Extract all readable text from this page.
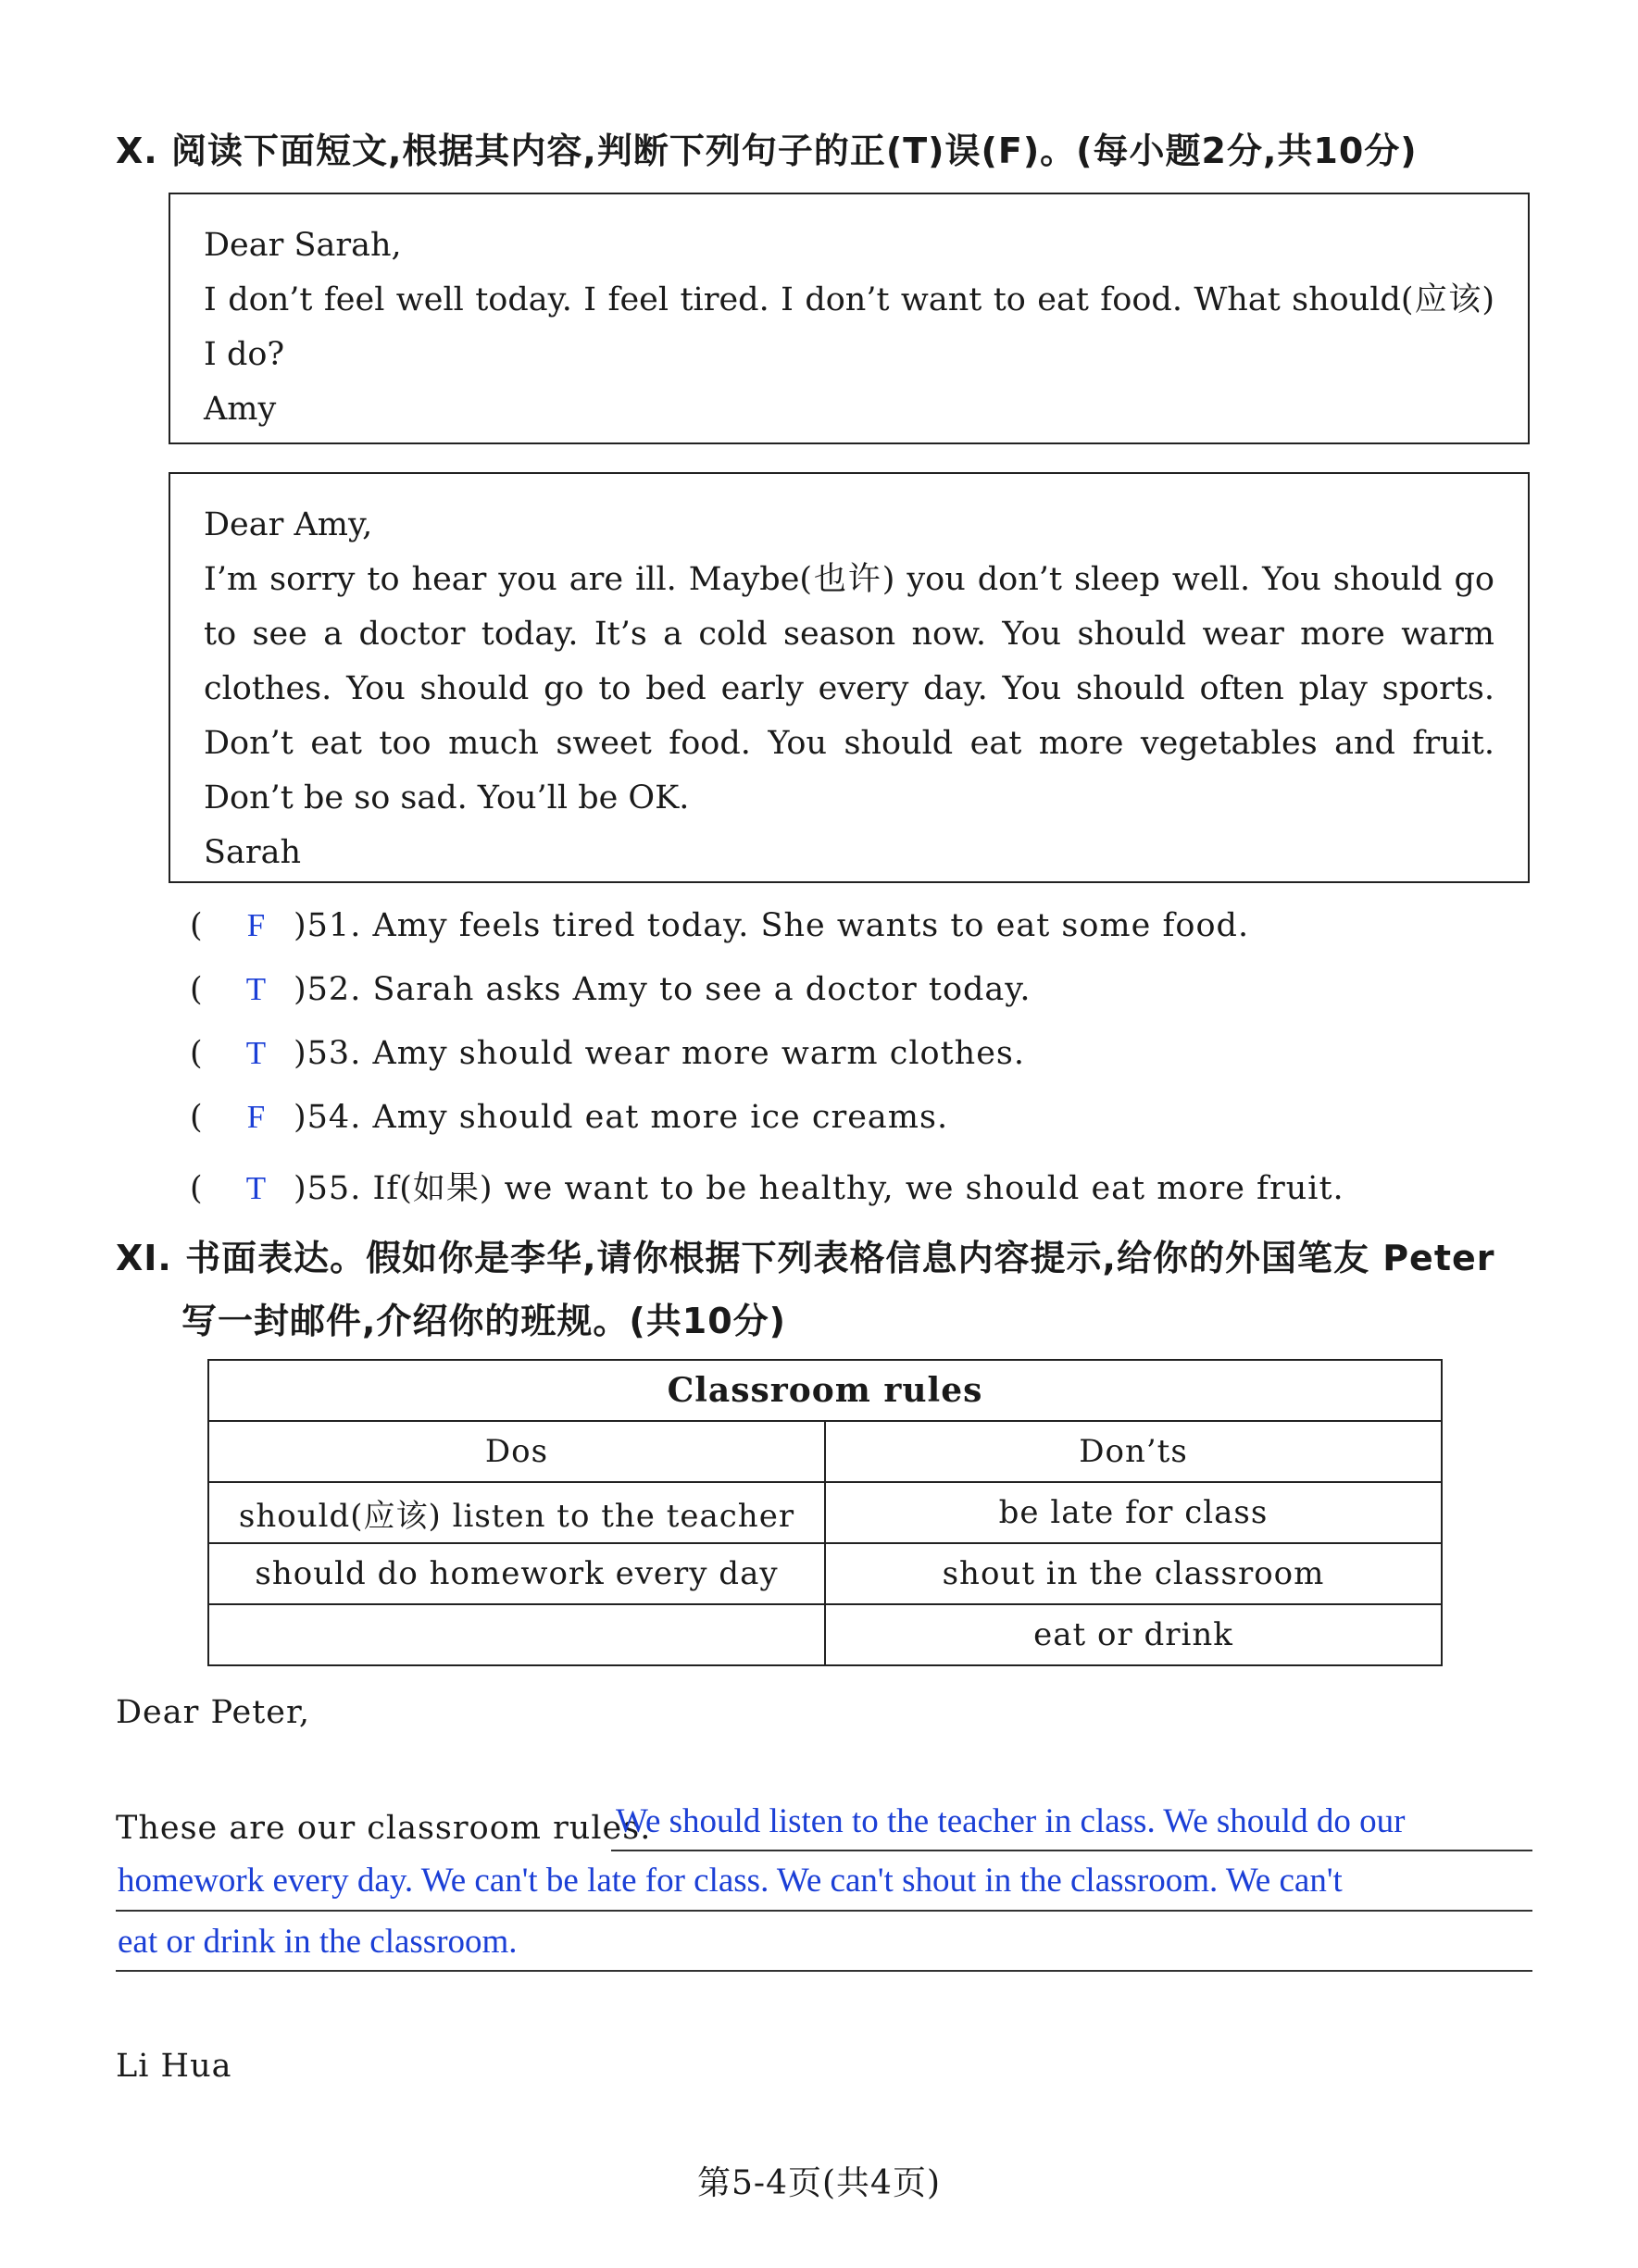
X. 阅读下面短文,根据其内容,判断下列句子的正(T)误(F)。(每小题2分,共10分)

Dear Sarah,

I don’t feel well today. I feel tired. I don’t want to eat food. What should(应该) I do?

Amy

Dear Amy,

I’m sorry to hear you are ill. Maybe(也许) you don’t sleep well. You should go to see a doctor today. It’s a cold season now. You should wear more warm clothes. You should go to bed early every day. You should often play sports. Don’t eat too much sweet food. You should eat more vegetables and fruit. Don’t be so sad. You’ll be OK.

Sarah

( F )51. Amy feels tired today. She wants to eat some food.
( T )52. Sarah asks Amy to see a doctor today.
( T )53. Amy should wear more warm clothes.
( F )54. Amy should eat more ice creams.
( T )55. If(如果) we want to be healthy, we should eat more fruit.
XI. 书面表达。假如你是李华,请你根据下列表格信息内容提示,给你的外国笔友 Peter
写一封邮件,介绍你的班规。(共10分)
Classroom rules	
Dos	Don’ts
should(应该) listen to the teacher	be late for class
should do homework every day	shout in the classroom
	eat or drink
Dear Peter,
These are our classroom rules.
We should listen to the teacher in class. We should do our
homework every day. We can't be late for class. We can't shout in the classroom. We can't
eat or drink in the classroom.
Li Hua
第5-4页(共4页)
